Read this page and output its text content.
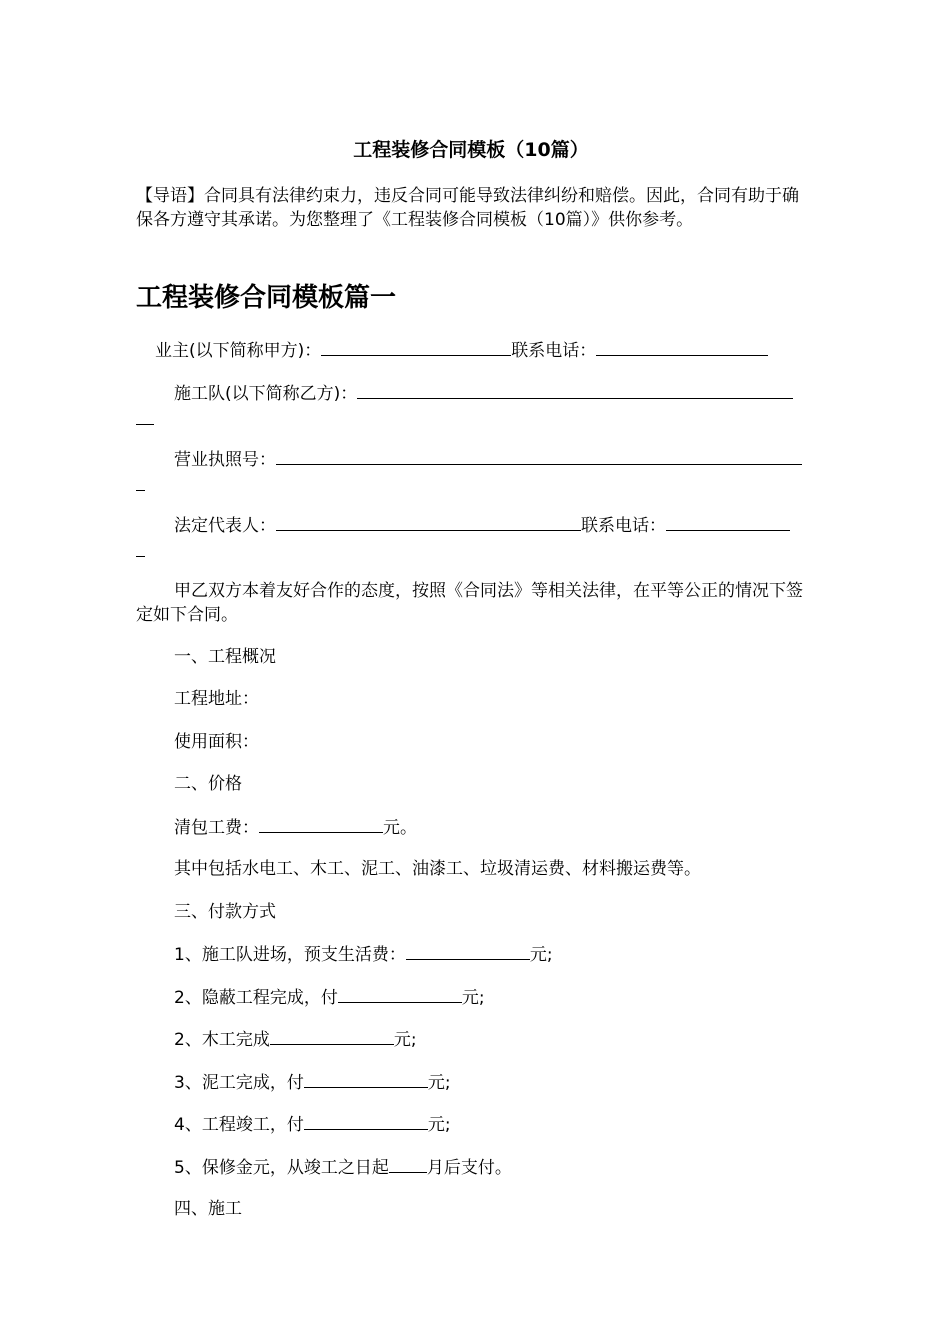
工程装修合同模板（10篇）

【导语】合同具有法律约束力，违反合同可能导致法律纠纷和赔偿。因此，合同有助于确保各方遵守其承诺。为您整理了《工程装修合同模板（10篇）》供你参考。

工程装修合同模板篇一
业主(以下简称甲方)：	联系电话：
施工队(以下简称乙方)：
营业执照号：
法定代表人：	联系电话：

甲乙双方本着友好合作的态度，按照《合同法》等相关法律，在平等公正的情况下签定如下合同。

一、工程概况
工程地址：
使用面积：
二、价格
清包工费：	元。
其中包括水电工、木工、泥工、油漆工、垃圾清运费、材料搬运费等。
三、付款方式
1、施工队进场，预支生活费：	元;
2、隐蔽工程完成，付	元;
2、木工完成	元;
3、泥工完成，付	元;
4、工程竣工，付	元;
5、保修金元，从竣工之日起 月后支付。
四、施工
